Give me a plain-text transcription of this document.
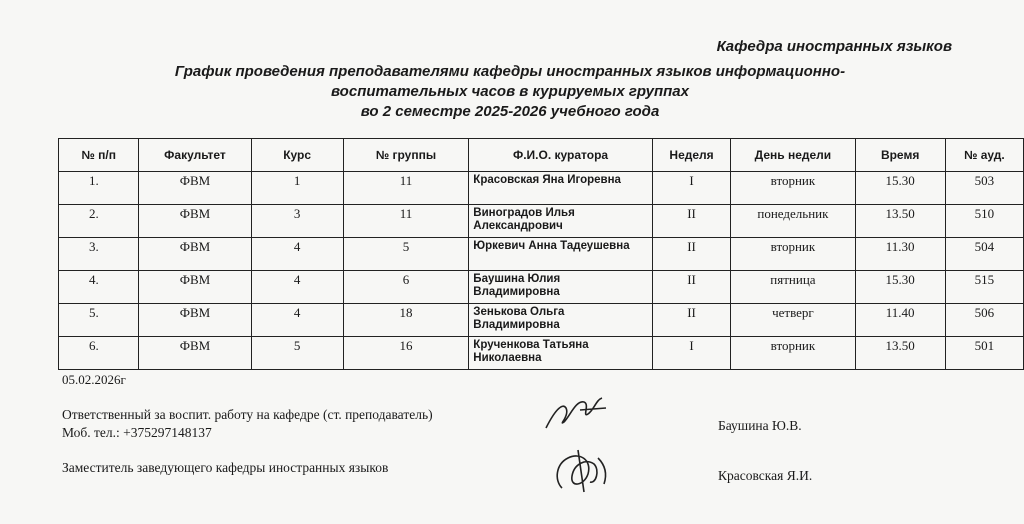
Кафедра иностранных языков
График проведения преподавателями кафедры иностранных языков информационно-
воспитательных часов в курируемых группах
во 2 семестре 2025-2026 учебного года
№ п/п	Факультет	Курс	№ группы	Ф.И.О. куратора	Неделя	День недели	Время	№ ауд.
1.	ФВМ	1	11	Красовская Яна Игоревна	I	вторник	15.30	503
2.	ФВМ	3	11	Виноградов Илья Александрович	II	понедельник	13.50	510
3.	ФВМ	4	5	Юркевич Анна Тадеушевна	II	вторник	11.30	504
4.	ФВМ	4	6	Баушина Юлия Владимировна	II	пятница	15.30	515
5.	ФВМ	4	18	Зенькова Ольга Владимировна	II	четверг	11.40	506
6.	ФВМ	5	16	Крученкова Татьяна Николаевна	I	вторник	13.50	501
05.02.2026г
Ответственный за воспит. работу на кафедре (ст. преподаватель)
Моб. тел.: +375297148137
Заместитель заведующего кафедры иностранных языков
Баушина Ю.В.
Красовская Я.И.
